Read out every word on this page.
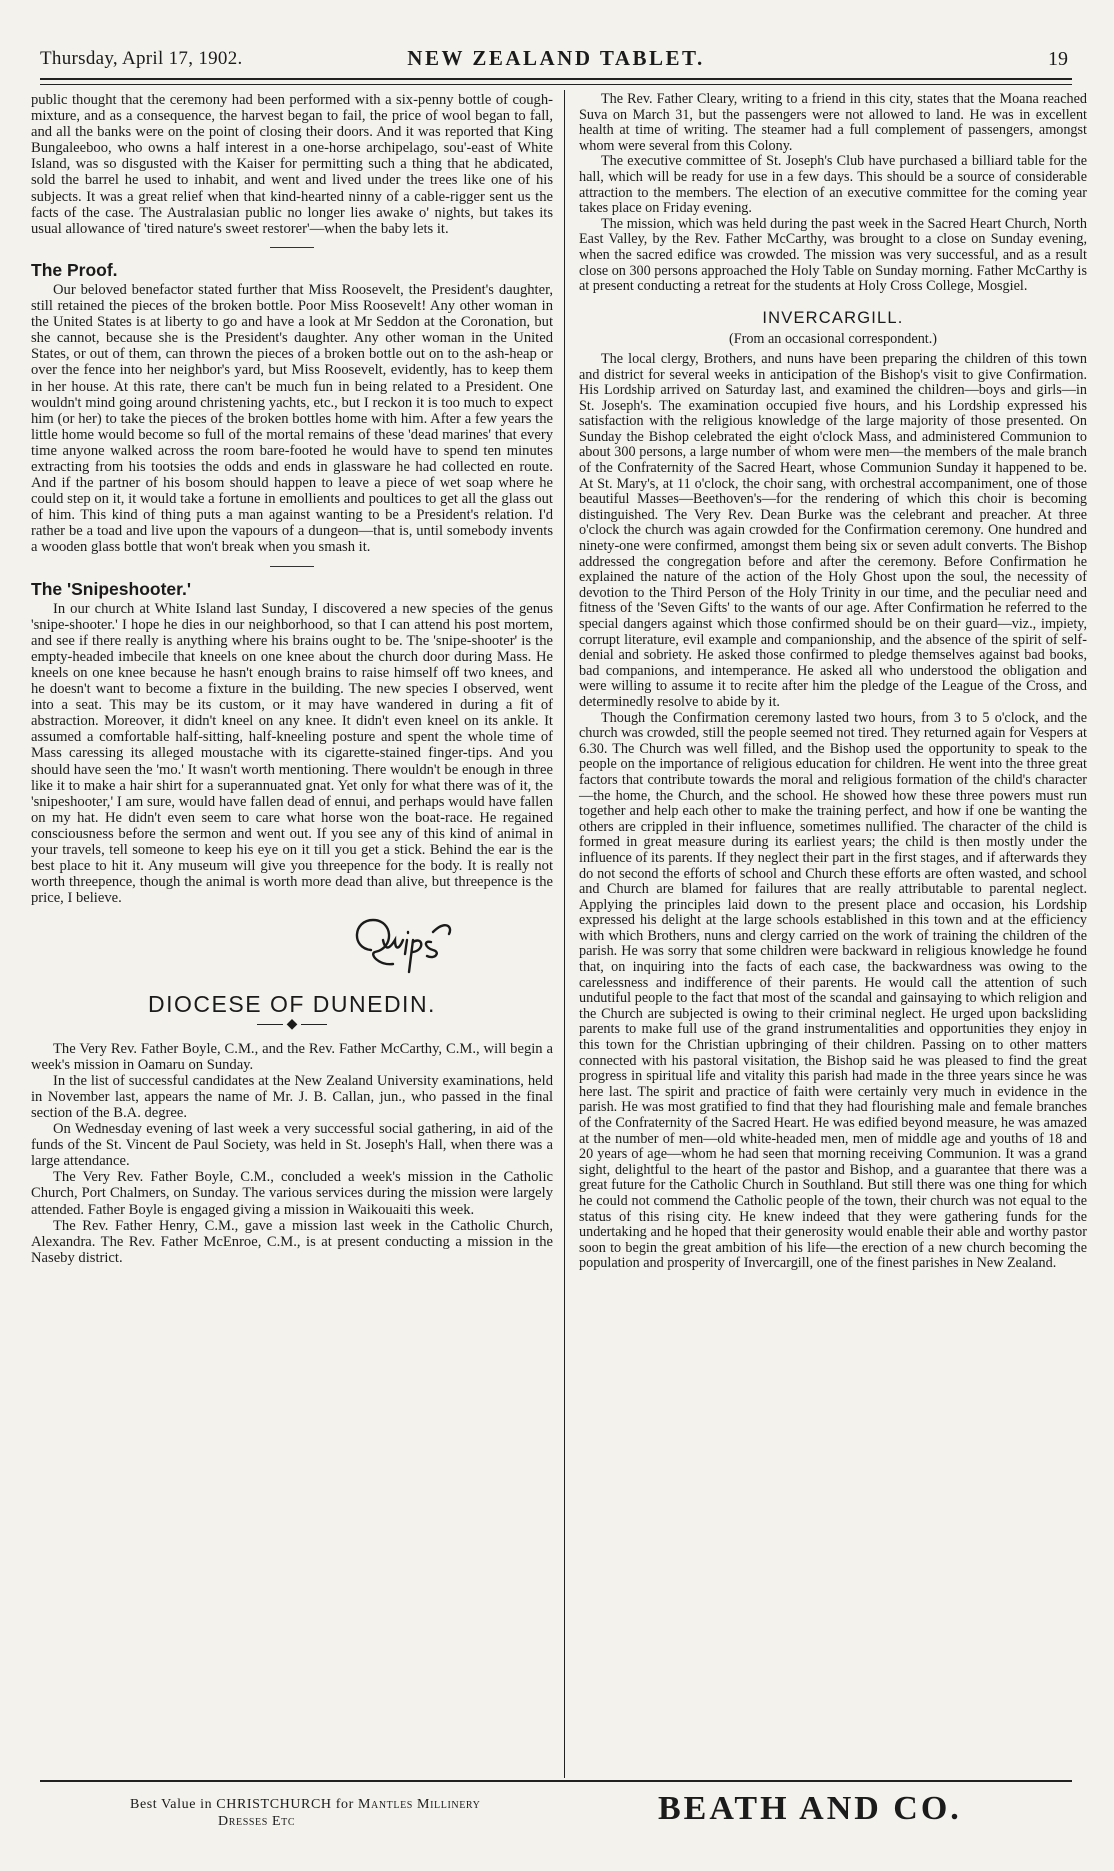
Thursday, April 17, 1902.	NEW ZEALAND TABLET.	19

public thought that the ceremony had been performed with a six-penny bottle of cough-mixture, and as a consequence, the harvest began to fail, the price of wool began to fall, and all the banks were on the point of closing their doors. And it was reported that King Bungaleeboo, who owns a half interest in a one-horse archipelago, sou'-east of White Island, was so disgusted with the Kaiser for permitting such a thing that he abdicated, sold the barrel he used to inhabit, and went and lived under the trees like one of his subjects. It was a great relief when that kind-hearted ninny of a cable-rigger sent us the facts of the case. The Australasian public no longer lies awake o' nights, but takes its usual allowance of 'tired nature's sweet restorer'—when the baby lets it.

The Proof.

Our beloved benefactor stated further that Miss Roosevelt, the President's daughter, still retained the pieces of the broken bottle. Poor Miss Roosevelt! Any other woman in the United States is at liberty to go and have a look at Mr Seddon at the Coronation, but she cannot, because she is the President's daughter. Any other woman in the United States, or out of them, can thrown the pieces of a broken bottle out on to the ash-heap or over the fence into her neighbor's yard, but Miss Roosevelt, evidently, has to keep them in her house. At this rate, there can't be much fun in being related to a President. One wouldn't mind going around christening yachts, etc., but I reckon it is too much to expect him (or her) to take the pieces of the broken bottles home with him. After a few years the little home would become so full of the mortal remains of these 'dead marines' that every time anyone walked across the room bare-footed he would have to spend ten minutes extracting from his tootsies the odds and ends in glassware he had collected en route. And if the partner of his bosom should happen to leave a piece of wet soap where he could step on it, it would take a fortune in emollients and poultices to get all the glass out of him. This kind of thing puts a man against wanting to be a President's relation. I'd rather be a toad and live upon the vapours of a dungeon—that is, until somebody invents a wooden glass bottle that won't break when you smash it.

The 'Snipeshooter.'

In our church at White Island last Sunday, I discovered a new species of the genus 'snipe-shooter.' I hope he dies in our neighborhood, so that I can attend his post mortem, and see if there really is anything where his brains ought to be. The 'snipe-shooter' is the empty-headed imbecile that kneels on one knee about the church door during Mass. He kneels on one knee because he hasn't enough brains to raise himself off two knees, and he doesn't want to become a fixture in the building. The new species I observed, went into a seat. This may be its custom, or it may have wandered in during a fit of abstraction. Moreover, it didn't kneel on any knee. It didn't even kneel on its ankle. It assumed a comfortable half-sitting, half-kneeling posture and spent the whole time of Mass caressing its alleged moustache with its cigarette-stained finger-tips. And you should have seen the 'mo.' It wasn't worth mentioning. There wouldn't be enough in three like it to make a hair shirt for a superannuated gnat. Yet only for what there was of it, the 'snipeshooter,' I am sure, would have fallen dead of ennui, and perhaps would have fallen on my hat. He didn't even seem to care what horse won the boat-race. He regained consciousness before the sermon and went out. If you see any of this kind of animal in your travels, tell someone to keep his eye on it till you get a stick. Behind the ear is the best place to hit it. Any museum will give you threepence for the body. It is really not worth threepence, though the animal is worth more dead than alive, but threepence is the price, I believe.

DIOCESE OF DUNEDIN.
◆

The Very Rev. Father Boyle, C.M., and the Rev. Father McCarthy, C.M., will begin a week's mission in Oamaru on Sunday.

In the list of successful candidates at the New Zealand University examinations, held in November last, appears the name of Mr. J. B. Callan, jun., who passed in the final section of the B.A. degree.

On Wednesday evening of last week a very successful social gathering, in aid of the funds of the St. Vincent de Paul Society, was held in St. Joseph's Hall, when there was a large attendance.

The Very Rev. Father Boyle, C.M., concluded a week's mission in the Catholic Church, Port Chalmers, on Sunday. The various services during the mission were largely attended. Father Boyle is engaged giving a mission in Waikouaiti this week.

The Rev. Father Henry, C.M., gave a mission last week in the Catholic Church, Alexandra. The Rev. Father McEnroe, C.M., is at present conducting a mission in the Naseby district.

The Rev. Father Cleary, writing to a friend in this city, states that the Moana reached Suva on March 31, but the passengers were not allowed to land. He was in excellent health at time of writing. The steamer had a full complement of passengers, amongst whom were several from this Colony.

The executive committee of St. Joseph's Club have purchased a billiard table for the hall, which will be ready for use in a few days. This should be a source of considerable attraction to the members. The election of an executive committee for the coming year takes place on Friday evening.

The mission, which was held during the past week in the Sacred Heart Church, North East Valley, by the Rev. Father McCarthy, was brought to a close on Sunday evening, when the sacred edifice was crowded. The mission was very successful, and as a result close on 300 persons approached the Holy Table on Sunday morning. Father McCarthy is at present conducting a retreat for the students at Holy Cross College, Mosgiel.

INVERCARGILL.
(From an occasional correspondent.)

The local clergy, Brothers, and nuns have been preparing the children of this town and district for several weeks in anticipation of the Bishop's visit to give Confirmation. His Lordship arrived on Saturday last, and examined the children—boys and girls—in St. Joseph's. The examination occupied five hours, and his Lordship expressed his satisfaction with the religious knowledge of the large majority of those presented. On Sunday the Bishop celebrated the eight o'clock Mass, and administered Communion to about 300 persons, a large number of whom were men—the members of the male branch of the Confraternity of the Sacred Heart, whose Communion Sunday it happened to be. At St. Mary's, at 11 o'clock, the choir sang, with orchestral accompaniment, one of those beautiful Masses—Beethoven's—for the rendering of which this choir is becoming distinguished. The Very Rev. Dean Burke was the celebrant and preacher. At three o'clock the church was again crowded for the Confirmation ceremony. One hundred and ninety-one were confirmed, amongst them being six or seven adult converts. The Bishop addressed the congregation before and after the ceremony. Before Confirmation he explained the nature of the action of the Holy Ghost upon the soul, the necessity of devotion to the Third Person of the Holy Trinity in our time, and the peculiar need and fitness of the 'Seven Gifts' to the wants of our age. After Confirmation he referred to the special dangers against which those confirmed should be on their guard—viz., impiety, corrupt literature, evil example and companionship, and the absence of the spirit of self-denial and sobriety. He asked those confirmed to pledge themselves against bad books, bad companions, and intemperance. He asked all who understood the obligation and were willing to assume it to recite after him the pledge of the League of the Cross, and determinedly resolve to abide by it.

Though the Confirmation ceremony lasted two hours, from 3 to 5 o'clock, and the church was crowded, still the people seemed not tired. They returned again for Vespers at 6.30. The Church was well filled, and the Bishop used the opportunity to speak to the people on the importance of religious education for children. He went into the three great factors that contribute towards the moral and religious formation of the child's character—the home, the Church, and the school. He showed how these three powers must run together and help each other to make the training perfect, and how if one be wanting the others are crippled in their influence, sometimes nullified. The character of the child is formed in great measure during its earliest years; the child is then mostly under the influence of its parents. If they neglect their part in the first stages, and if afterwards they do not second the efforts of school and Church these efforts are often wasted, and school and Church are blamed for failures that are really attributable to parental neglect. Applying the principles laid down to the present place and occasion, his Lordship expressed his delight at the large schools established in this town and at the efficiency with which Brothers, nuns and clergy carried on the work of training the children of the parish. He was sorry that some children were backward in religious knowledge he found that, on inquiring into the facts of each case, the backwardness was owing to the carelessness and indifference of their parents. He would call the attention of such undutiful people to the fact that most of the scandal and gainsaying to which religion and the Church are subjected is owing to their criminal neglect. He urged upon backsliding parents to make full use of the grand instrumentalities and opportunities they enjoy in this town for the Christian upbringing of their children. Passing on to other matters connected with his pastoral visitation, the Bishop said he was pleased to find the great progress in spiritual life and vitality this parish had made in the three years since he was here last. The spirit and practice of faith were certainly very much in evidence in the parish. He was most gratified to find that they had flourishing male and female branches of the Confraternity of the Sacred Heart. He was edified beyond measure, he was amazed at the number of men—old white-headed men, men of middle age and youths of 18 and 20 years of age—whom he had seen that morning receiving Communion. It was a grand sight, delightful to the heart of the pastor and Bishop, and a guarantee that there was a great future for the Catholic Church in Southland. But still there was one thing for which he could not commend the Catholic people of the town, their church was not equal to the status of this rising city. He knew indeed that they were gathering funds for the undertaking and he hoped that their generosity would enable their able and worthy pastor soon to begin the great ambition of his life—the erection of a new church becoming the population and prosperity of Invercargill, one of the finest parishes in New Zealand.

Best Value in CHRISTCHURCH for Mantles Millinery
Dresses Etc	BEATH AND CO.
